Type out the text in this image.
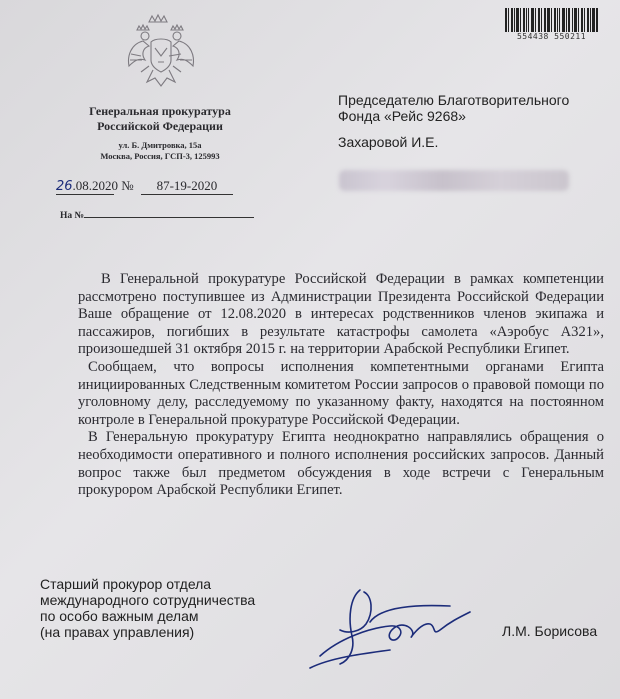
554438 550211
Генеральная прокуратура
Российской Федерации
ул. Б. Дмитровка, 15а
Москва, Россия, ГСП-3, 125993
26.08.2020 № 87-19-2020
На №
Председателю Благотворительного
Фонда «Рейс 9268»
Захаровой И.Е.

В Генеральной прокуратуре Российской Федерации в рамках компетенции рассмотрено поступившее из Администрации Президента Российской Федерации Ваше обращение от 12.08.2020 в интересах родственников членов экипажа и пассажиров, погибших в результате катастрофы самолета «Аэробус А321», произошедшей 31 октября 2015 г. на территории Арабской Республики Египет.

Сообщаем, что вопросы исполнения компетентными органами Египта инициированных Следственным комитетом России запросов о правовой помощи по уголовному делу, расследуемому по указанному факту, находятся на постоянном контроле в Генеральной прокуратуре Российской Федерации.

В Генеральную прокуратуру Египта неоднократно направлялись обращения о необходимости оперативного и полного исполнения российских запросов. Данный вопрос также был предметом обсуждения в ходе встречи с Генеральным прокурором Арабской Республики Египет.

Старший прокурор отдела
международного сотрудничества
по особо важным делам
(на правах управления)	Л.М. Борисова
